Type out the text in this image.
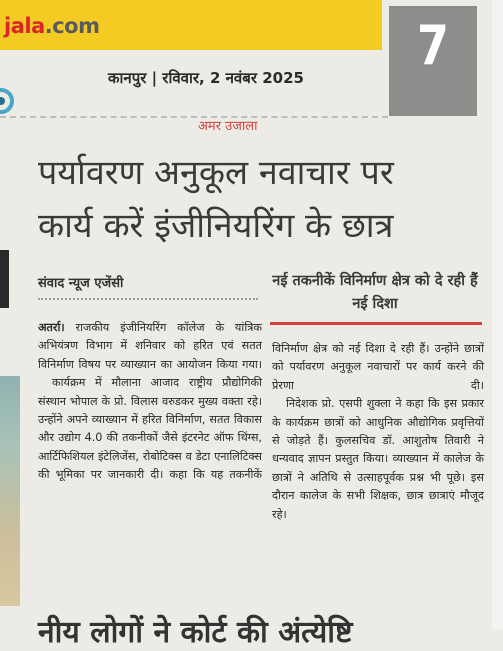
jala.com	7
कानपुर | रविवार, 2 नवंबर 2025
अमर उजाला
पर्यावरण अनुकूल नवाचार पर
कार्य करें इंजीनियरिंग के छात्र
संवाद न्यूज एजेंसी	नई तकनीकें विनिर्माण क्षेत्र को दे रही हैं नई दिशा

अतर्रा। राजकीय इंजीनियरिंग कॉलेज के यांत्रिक अभियंत्रण विभाग में शनिवार को हरित एवं सतत विनिर्माण विषय पर व्याख्यान का आयोजन किया गया।

कार्यक्रम में मौलाना आजाद राष्ट्रीय प्रौद्योगिकी संस्थान भोपाल के प्रो. विलास वरुडकर मुख्य वक्ता रहे। उन्होंने अपने व्याख्यान में हरित विनिर्माण, सतत विकास और उद्योग 4.0 की तकनीकों जैसे इंटरनेट ऑफ थिंग्स, आर्टिफिशियल इंटेलिजेंस, रोबोटिक्स व डेटा एनालिटिक्स की भूमिका पर जानकारी दी। कहा कि यह तकनीकें

विनिर्माण क्षेत्र को नई दिशा दे रही हैं। उन्होंने छात्रों को पर्यावरण अनुकूल नवाचारों पर कार्य करने की प्रेरणा दी।

निदेशक प्रो. एसपी शुक्ला ने कहा कि इस प्रकार के कार्यक्रम छात्रों को आधुनिक औद्योगिक प्रवृत्तियों से जोड़ते हैं। कुलसचिव डॉ. आशुतोष तिवारी ने धन्यवाद ज्ञापन प्रस्तुत किया। व्याख्यान में कालेज के छात्रों ने अतिथि से उत्साहपूर्वक प्रश्न भी पूछे। इस दौरान कालेज के सभी शिक्षक, छात्र छात्राएं मौजूद रहे।

नीय लोगों ने कोर्ट की अंत्येष्टि
